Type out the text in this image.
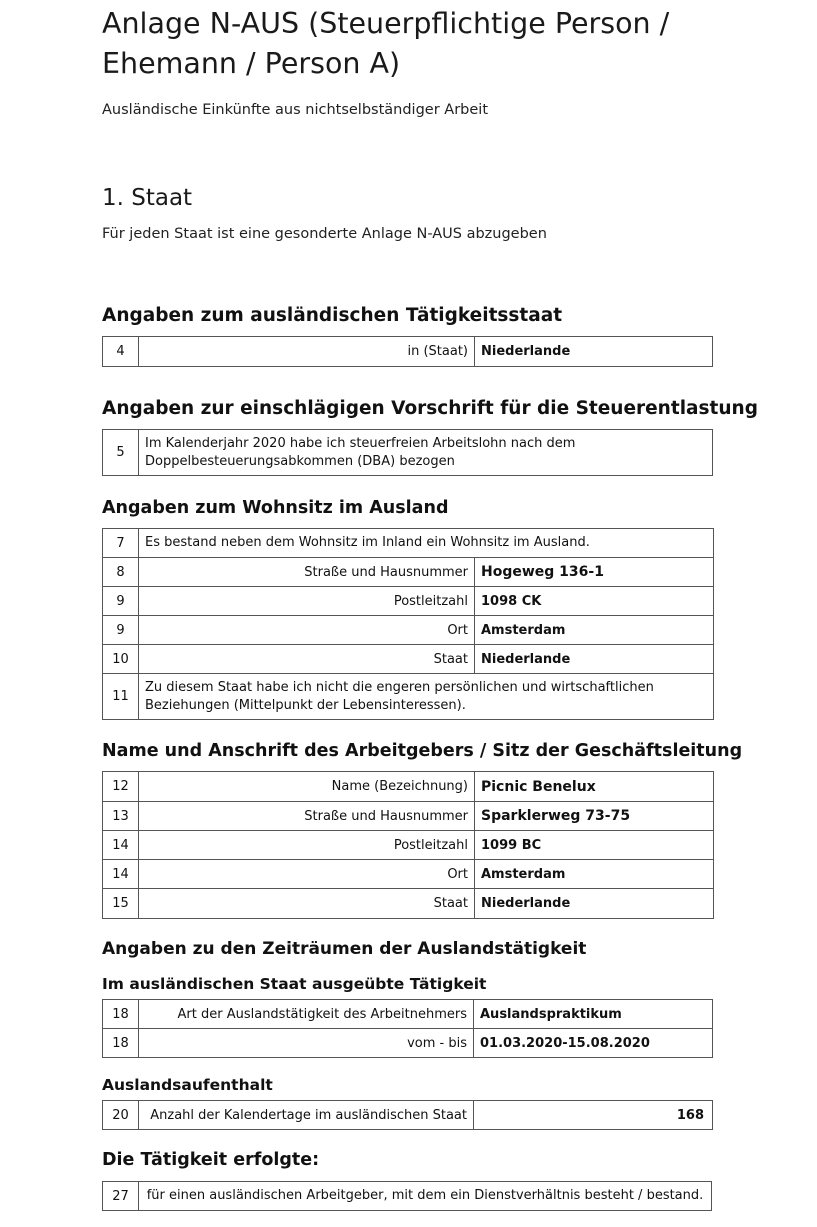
Anlage N-AUS (Steuerpflichtige Person / Ehemann / Person A)

Ausländische Einkünfte aus nichtselbständiger Arbeit

1. Staat

Für jeden Staat ist eine gesonderte Anlage N-AUS abzugeben

Angaben zum ausländischen Tätigkeitsstaat
4	in (Staat)	Niederlande
Angaben zur einschlägigen Vorschrift für die Steuerentlastung
5	Im Kalenderjahr 2020 habe ich steuerfreien Arbeitslohn nach dem Doppelbesteuerungsabkommen (DBA) bezogen
Angaben zum Wohnsitz im Ausland
7	Es bestand neben dem Wohnsitz im Inland ein Wohnsitz im Ausland.	
8	Straße und Hausnummer	Hogeweg 136-1
9	Postleitzahl	1098 CK
9	Ort	Amsterdam
10	Staat	Niederlande
11	Zu diesem Staat habe ich nicht die engeren persönlichen und wirtschaftlichen Beziehungen (Mittelpunkt der Lebensinteressen).	
Name und Anschrift des Arbeitgebers / Sitz der Geschäftsleitung
12	Name (Bezeichnung)	Picnic Benelux
13	Straße und Hausnummer	Sparklerweg 73-75
14	Postleitzahl	1099 BC
14	Ort	Amsterdam
15	Staat	Niederlande
Angaben zu den Zeiträumen der Auslandstätigkeit
Im ausländischen Staat ausgeübte Tätigkeit
18	Art der Auslandstätigkeit des Arbeitnehmers	Auslandspraktikum
18	vom - bis	01.03.2020-15.08.2020
Auslandsaufenthalt
20	Anzahl der Kalendertage im ausländischen Staat	168
Die Tätigkeit erfolgte:
27	für einen ausländischen Arbeitgeber, mit dem ein Dienstverhältnis besteht / bestand.
